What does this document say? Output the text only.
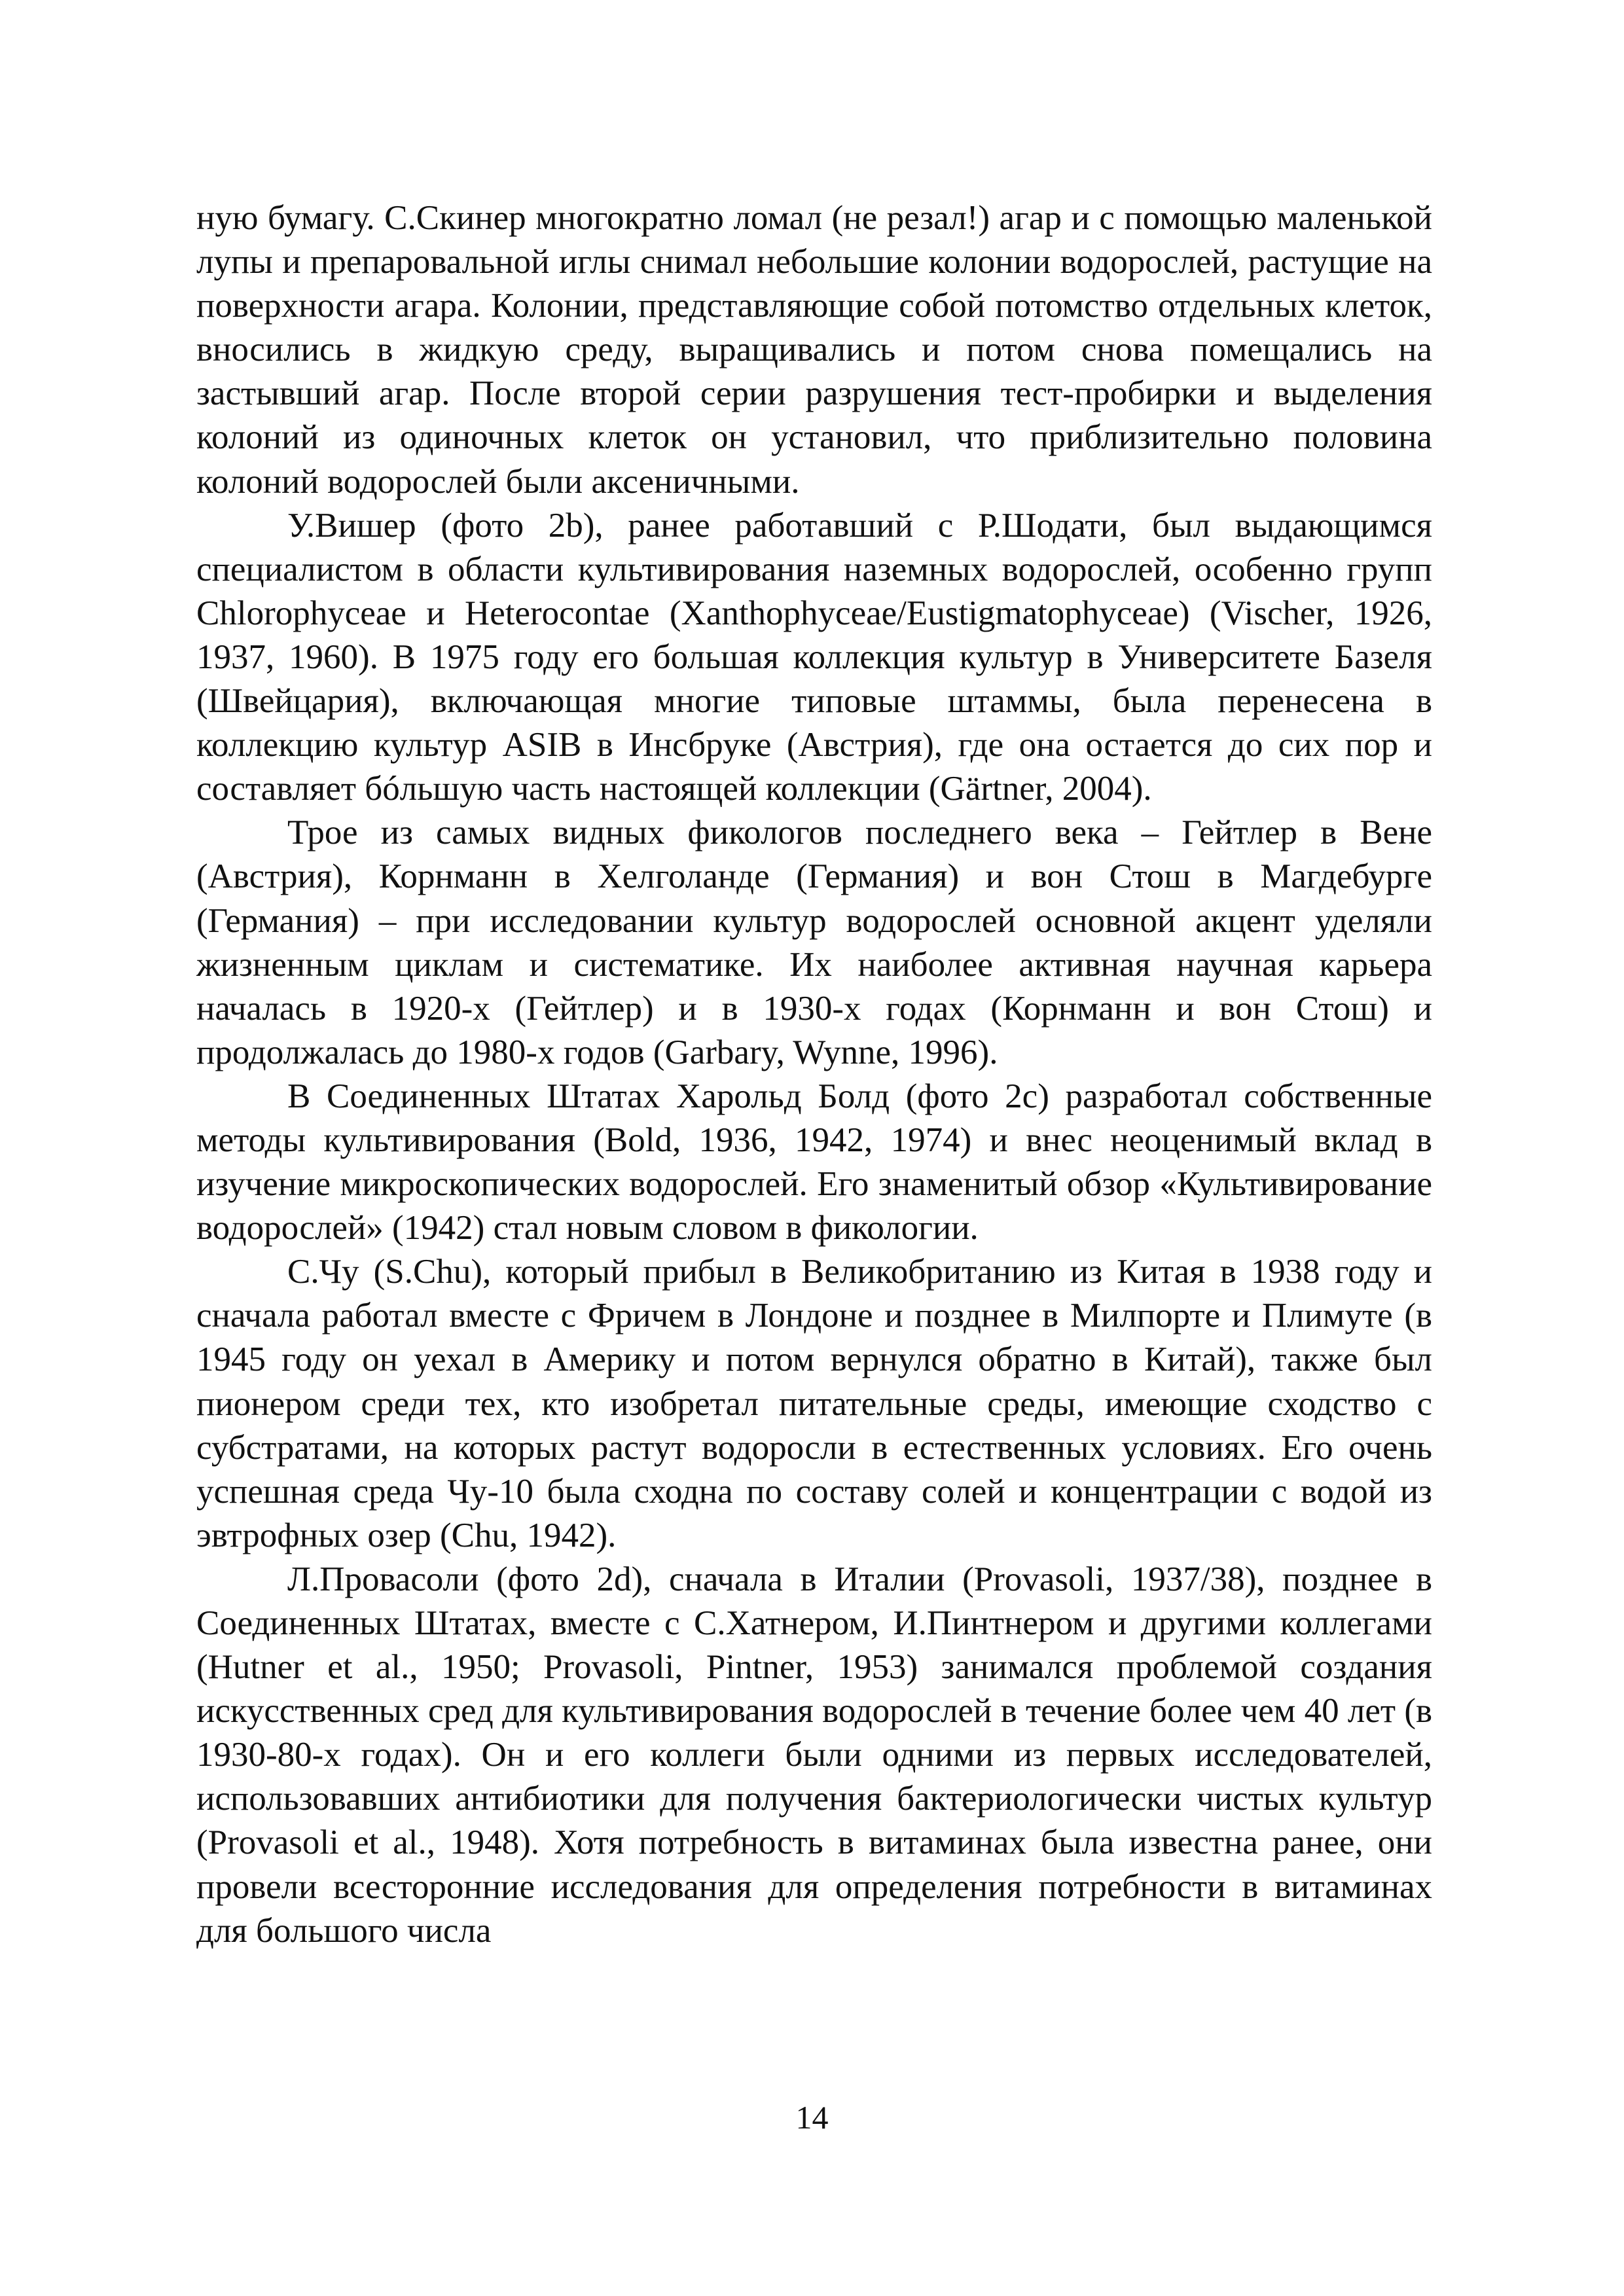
ную бумагу. С.Скинер многократно ломал (не резал!) агар и с помощью маленькой лупы и препаровальной иглы снимал небольшие колонии водорослей, растущие на поверхности агара. Колонии, представляющие собой потомство отдельных клеток, вносились в жидкую среду, выращивались и потом снова помещались на застывший агар. После второй серии разрушения тест-пробирки и выделения колоний из одиночных клеток он установил, что приблизительно половина колоний водорослей были аксеничными.

У.Вишер (фото 2b), ранее работавший с Р.Шодати, был выдающимся специалистом в области культивирования наземных водорослей, особенно групп Chlorophyceae и Heterocontae (Xanthophyceae/Eustigmatophyceae) (Vischer, 1926, 1937, 1960). В 1975 году его большая коллекция культур в Университете Базеля (Швейцария), включающая многие типовые штаммы, была перенесена в коллекцию культур ASIB в Инсбруке (Австрия), где она остается до сих пор и составляет бóльшую часть настоящей коллекции (Gärtner, 2004).

Трое из самых видных фикологов последнего века – Гейтлер в Вене (Австрия), Корнманн в Хелголанде (Германия) и вон Стош в Магдебурге (Германия) – при исследовании культур водорослей основной акцент уделяли жизненным циклам и систематике. Их наиболее активная научная карьера началась в 1920-х (Гейтлер) и в 1930-х годах (Корнманн и вон Стош) и продолжалась до 1980-х годов (Garbary, Wynne, 1996).

В Соединенных Штатах Харольд Болд (фото 2c) разработал собственные методы культивирования (Bold, 1936, 1942, 1974) и внес неоценимый вклад в изучение микроскопических водорослей. Его знаменитый обзор «Культивирование водорослей» (1942) стал новым словом в фикологии.

С.Чу (S.Chu), который прибыл в Великобританию из Китая в 1938 году и сначала работал вместе с Фричем в Лондоне и позднее в Милпорте и Плимуте (в 1945 году он уехал в Америку и потом вернулся обратно в Китай), также был пионером среди тех, кто изобретал питательные среды, имеющие сходство с субстратами, на которых растут водоросли в естественных условиях. Его очень успешная среда Чу-10 была сходна по составу солей и концентрации с водой из эвтрофных озер (Chu, 1942).

Л.Провасоли (фото 2d), сначала в Италии (Provasoli, 1937/38), позднее в Соединенных Штатах, вместе с С.Хатнером, И.Пинтнером и другими коллегами (Hutner et al., 1950; Provasoli, Pintner, 1953) занимался проблемой создания искусственных сред для культивирования водорослей в течение более чем 40 лет (в 1930-80-х годах). Он и его коллеги были одними из первых исследователей, использовавших антибиотики для получения бактериологически чистых культур (Provasoli et al., 1948). Хотя потребность в витаминах была известна ранее, они провели всесторонние исследования для определения потребности в витаминах для большого числа

14
